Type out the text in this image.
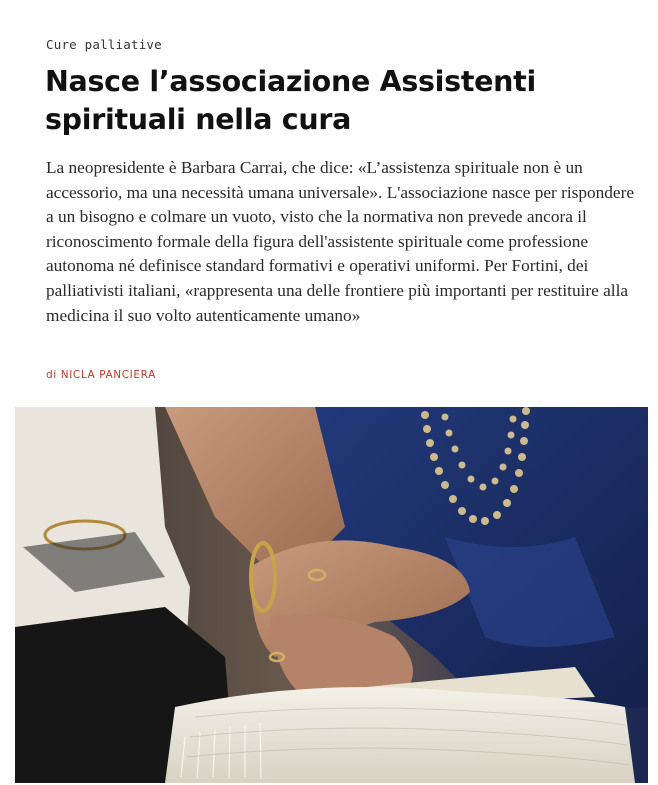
Cure palliative
Nasce l’associazione Assistenti spirituali nella cura

La neopresidente è Barbara Carrai, che dice: «L’assistenza spirituale non è un accessorio, ma una necessità umana universale». L'associazione nasce per rispondere a un bisogno e colmare un vuoto, visto che la normativa non prevede ancora il riconoscimento formale della figura dell'assistente spirituale come professione autonoma né definisce standard formativi e operativi uniformi. Per Fortini, dei palliativisti italiani, «rappresenta una delle frontiere più importanti per restituire alla medicina il suo volto autenticamente umano»

di NICLA PANCIERA
